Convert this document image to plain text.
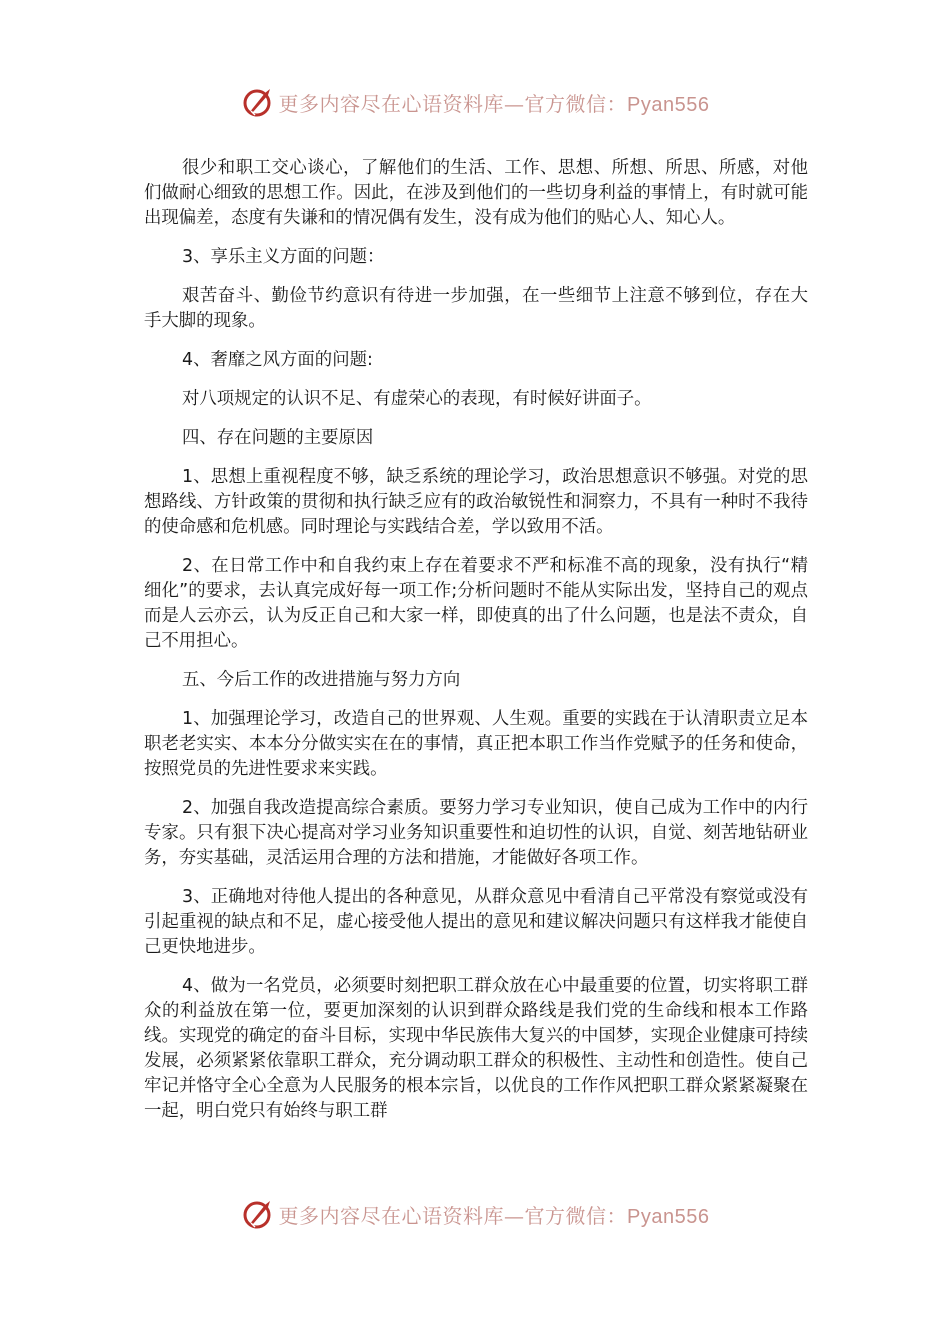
更多内容尽在心语资料库—官方微信：Pyan556

很少和职工交心谈心，了解他们的生活、工作、思想、所想、所思、所感，对他们做耐心细致的思想工作。因此，在涉及到他们的一些切身利益的事情上，有时就可能出现偏差，态度有失谦和的情况偶有发生，没有成为他们的贴心人、知心人。

3、享乐主义方面的问题：

艰苦奋斗、勤俭节约意识有待进一步加强，在一些细节上注意不够到位，存在大手大脚的现象。

4、奢靡之风方面的问题:

对八项规定的认识不足、有虚荣心的表现，有时候好讲面子。

四、存在问题的主要原因

1、思想上重视程度不够，缺乏系统的理论学习，政治思想意识不够强。对党的思想路线、方针政策的贯彻和执行缺乏应有的政治敏锐性和洞察力，不具有一种时不我待的使命感和危机感。同时理论与实践结合差，学以致用不活。

2、在日常工作中和自我约束上存在着要求不严和标准不高的现象，没有执行“精细化”的要求，去认真完成好每一项工作;分析问题时不能从实际出发，坚持自己的观点而是人云亦云，认为反正自己和大家一样，即使真的出了什么问题，也是法不责众，自己不用担心。

五、今后工作的改进措施与努力方向

1、加强理论学习，改造自己的世界观、人生观。重要的实践在于认清职责立足本职老老实实、本本分分做实实在在的事情，真正把本职工作当作党赋予的任务和使命，按照党员的先进性要求来实践。

2、加强自我改造提高综合素质。要努力学习专业知识，使自己成为工作中的内行专家。只有狠下决心提高对学习业务知识重要性和迫切性的认识，自觉、刻苦地钻研业务，夯实基础，灵活运用合理的方法和措施，才能做好各项工作。

3、正确地对待他人提出的各种意见，从群众意见中看清自己平常没有察觉或没有引起重视的缺点和不足，虚心接受他人提出的意见和建议解决问题只有这样我才能使自己更快地进步。

4、做为一名党员，必须要时刻把职工群众放在心中最重要的位置，切实将职工群众的利益放在第一位，要更加深刻的认识到群众路线是我们党的生命线和根本工作路线。实现党的确定的奋斗目标，实现中华民族伟大复兴的中国梦，实现企业健康可持续发展，必须紧紧依靠职工群众，充分调动职工群众的积极性、主动性和创造性。使自己牢记并恪守全心全意为人民服务的根本宗旨，以优良的工作作风把职工群众紧紧凝聚在一起，明白党只有始终与职工群

更多内容尽在心语资料库—官方微信：Pyan556
